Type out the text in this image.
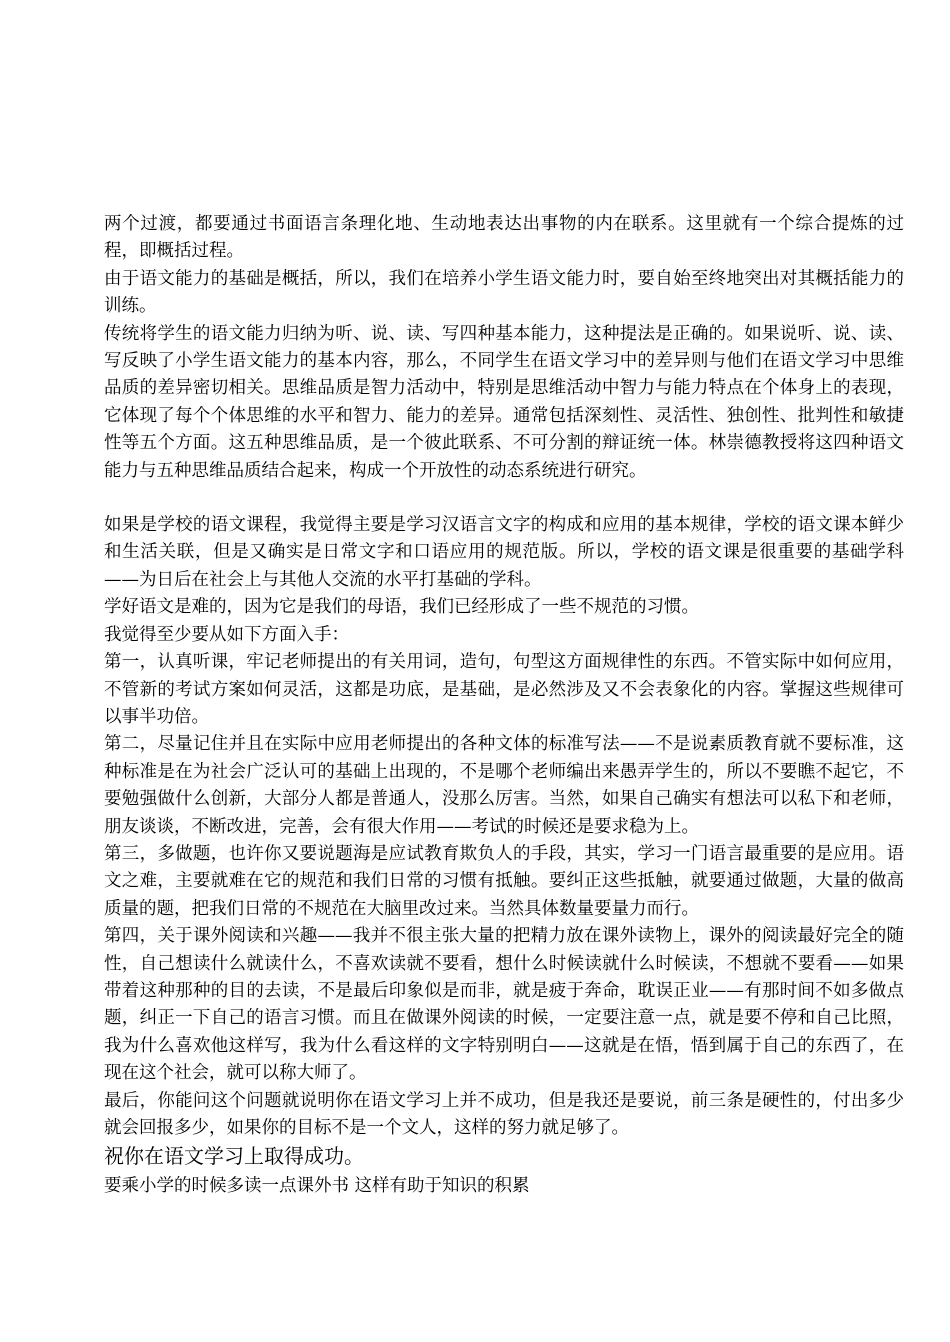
两个过渡，都要通过书面语言条理化地、生动地表达出事物的内在联系。这里就有一个综合提炼的过程，即概括过程。

由于语文能力的基础是概括，所以，我们在培养小学生语文能力时，要自始至终地突出对其概括能力的训练。

传统将学生的语文能力归纳为听、说、读、写四种基本能力，这种提法是正确的。如果说听、说、读、写反映了小学生语文能力的基本内容，那么，不同学生在语文学习中的差异则与他们在语文学习中思维品质的差异密切相关。思维品质是智力活动中，特别是思维活动中智力与能力特点在个体身上的表现，它体现了每个个体思维的水平和智力、能力的差异。通常包括深刻性、灵活性、独创性、批判性和敏捷性等五个方面。这五种思维品质，是一个彼此联系、不可分割的辩证统一体。林崇德教授将这四种语文能力与五种思维品质结合起来，构成一个开放性的动态系统进行研究。

如果是学校的语文课程，我觉得主要是学习汉语言文字的构成和应用的基本规律，学校的语文课本鲜少和生活关联，但是又确实是日常文字和口语应用的规范版。所以，学校的语文课是很重要的基础学科——为日后在社会上与其他人交流的水平打基础的学科。

学好语文是难的，因为它是我们的母语，我们已经形成了一些不规范的习惯。

我觉得至少要从如下方面入手：

第一，认真听课，牢记老师提出的有关用词，造句，句型这方面规律性的东西。不管实际中如何应用，不管新的考试方案如何灵活，这都是功底，是基础，是必然涉及又不会表象化的内容。掌握这些规律可以事半功倍。

第二，尽量记住并且在实际中应用老师提出的各种文体的标准写法——不是说素质教育就不要标准，这种标准是在为社会广泛认可的基础上出现的，不是哪个老师编出来愚弄学生的，所以不要瞧不起它，不要勉强做什么创新，大部分人都是普通人，没那么厉害。当然，如果自己确实有想法可以私下和老师，朋友谈谈，不断改进，完善，会有很大作用——考试的时候还是要求稳为上。

第三，多做题，也许你又要说题海是应试教育欺负人的手段，其实，学习一门语言最重要的是应用。语文之难，主要就难在它的规范和我们日常的习惯有抵触。要纠正这些抵触，就要通过做题，大量的做高质量的题，把我们日常的不规范在大脑里改过来。当然具体数量要量力而行。

第四，关于课外阅读和兴趣——我并不很主张大量的把精力放在课外读物上，课外的阅读最好完全的随性，自己想读什么就读什么，不喜欢读就不要看，想什么时候读就什么时候读，不想就不要看——如果带着这种那种的目的去读，不是最后印象似是而非，就是疲于奔命，耽误正业——有那时间不如多做点题，纠正一下自己的语言习惯。而且在做课外阅读的时候，一定要注意一点，就是要不停和自己比照，我为什么喜欢他这样写，我为什么看这样的文字特别明白——这就是在悟，悟到属于自己的东西了，在现在这个社会，就可以称大师了。

最后，你能问这个问题就说明你在语文学习上并不成功，但是我还是要说，前三条是硬性的，付出多少就会回报多少，如果你的目标不是一个文人，这样的努力就足够了。

祝你在语文学习上取得成功。

要乘小学的时候多读一点课外书 这样有助于知识的积累
